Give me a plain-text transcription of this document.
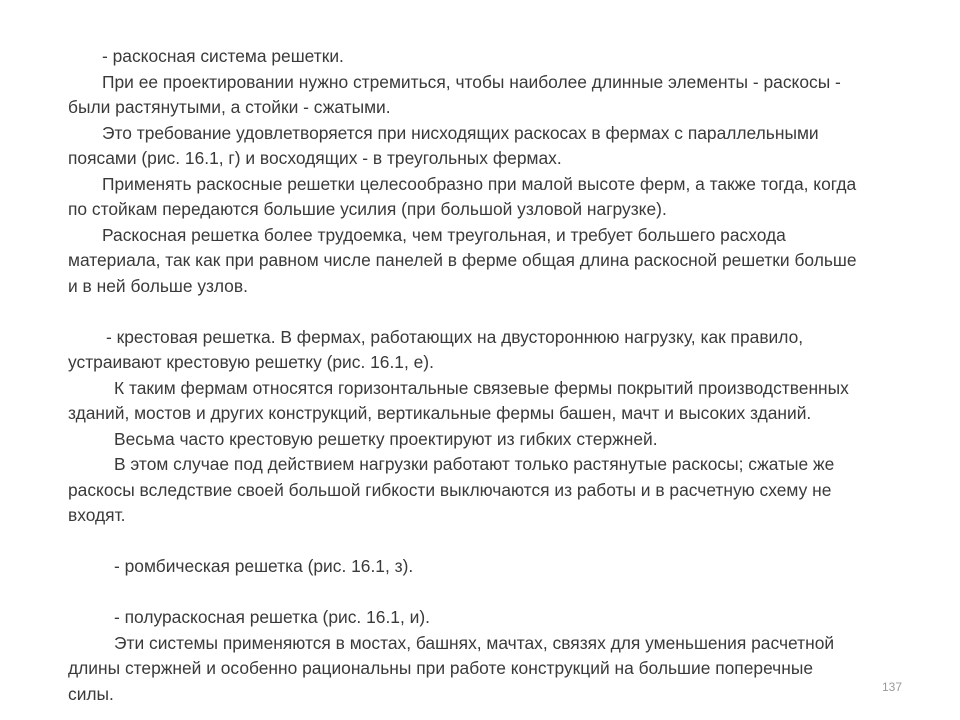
- раскосная система решетки.
При ее проектировании нужно стремиться, чтобы наиболее длинные элементы - раскосы -
были растянутыми, а стойки - сжатыми.
Это требование удовлетворяется при нисходящих раскосах в фермах с параллельными
поясами (рис. 16.1, г) и восходящих - в треугольных фермах.
Применять раскосные решетки целесообразно при малой высоте ферм, а также тогда, когда
по стойкам передаются большие усилия (при большой узловой нагрузке).
Раскосная решетка более трудоемка, чем треугольная, и требует большего расхода
материала, так как при равном числе панелей в ферме общая длина раскосной решетки больше
и в ней больше узлов.
- крестовая решетка. В фермах, работающих на двустороннюю нагрузку, как правило,
устраивают крестовую решетку (рис. 16.1, е).
К таким фермам относятся горизонтальные связевые фермы покрытий производственных
зданий, мостов и других конструкций, вертикальные фермы башен, мачт и высоких зданий.
Весьма часто крестовую решетку проектируют из гибких стержней.
В этом случае под действием нагрузки работают только растянутые раскосы; сжатые же
раскосы вследствие своей большой гибкости выключаются из работы и в расчетную схему не
входят.
- ромбическая решетка (рис. 16.1, з).
- полураскосная решетка (рис. 16.1, и).
Эти системы применяются в мостах, башнях, мачтах, связях для уменьшения расчетной
длины стержней и особенно рациональны при работе конструкций на большие поперечные
силы.	137
